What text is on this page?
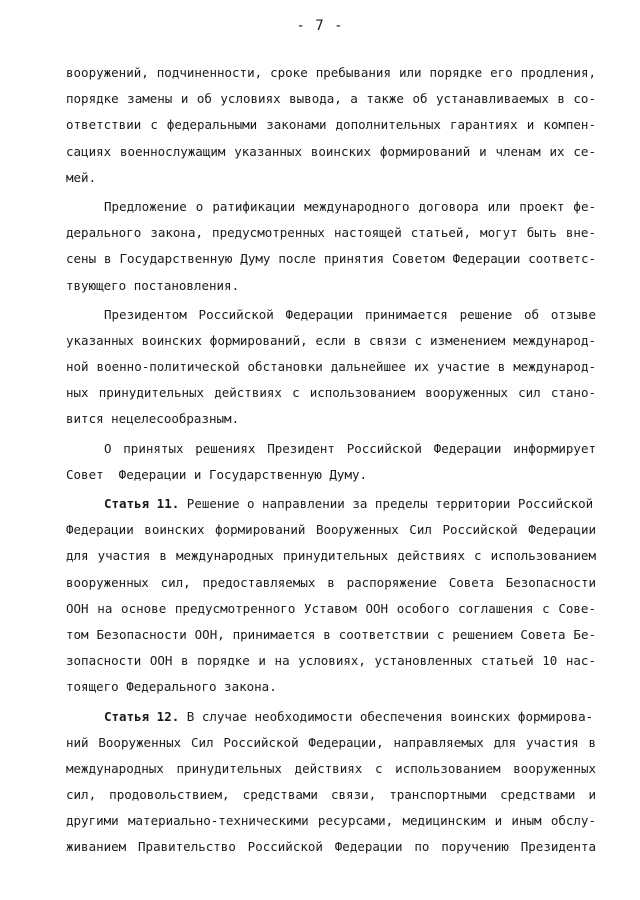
- 7 -
вооружений, подчиненности, сроке пребывания или порядке его продления,
порядке замены и об условиях вывода, а также об устанавливаемых в со-
ответствии с федеральными законами дополнительных гарантиях и компен-
сациях военнослужащим указанных воинских формирований и членам их се-
мей.
Предложение о ратификации международного договора или проект фе-
дерального закона, предусмотренных настоящей статьей, могут быть вне-
сены в Государственную Думу после принятия Советом Федерации соответс-
твующего постановления.
Президентом Российской Федерации принимается решение об отзыве
указанных воинских формирований, если в связи с изменением международ-
ной военно-политической обстановки дальнейшее их участие в международ-
ных принудительных действиях с использованием вооруженных сил стано-
вится нецелесообразным.
О принятых решениях Президент Российской Федерации информирует
Совет  Федерации и Государственную Думу.
Статья 11. Решение о направлении за пределы территории Российской
Федерации воинских формирований Вооруженных Сил Российской Федерации
для участия в международных принудительных действиях с использованием
вооруженных сил, предоставляемых в распоряжение Совета Безопасности
ООН на основе предусмотренного Уставом ООН особого соглашения с Сове-
том Безопасности ООН, принимается в соответствии с решением Совета Бе-
зопасности ООН в порядке и на условиях, установленных статьей 10 нас-
тоящего Федерального закона.
Статья 12. В случае необходимости обеспечения воинских формирова-
ний Вооруженных Сил Российской Федерации, направляемых для участия в
международных принудительных действиях с использованием вооруженных
сил, продовольствием, средствами связи, транспортными средствами и
другими материально-техническими ресурсами, медицинским и иным обслу-
живанием Правительство Российской Федерации по поручению Президента
